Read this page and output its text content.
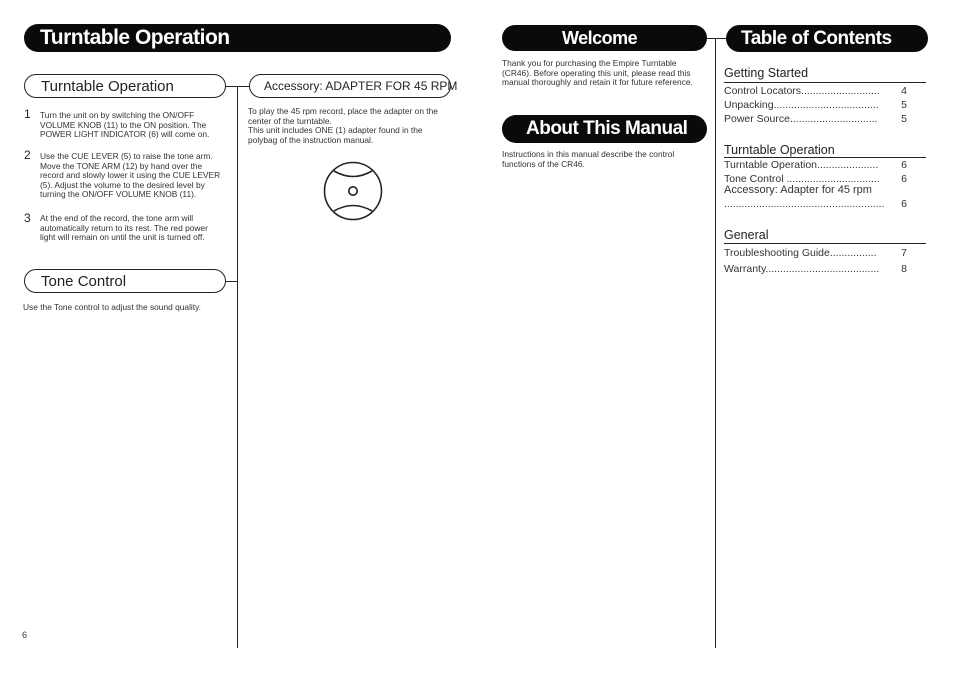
Turntable Operation
Turntable Operation
1 Turn the unit on by switching the ON/OFF
VOLUME KNOB (11) to the ON position. The
POWER LIGHT INDICATOR (6) will come on.
2 Use the CUE LEVER (5) to raise the tone arm.
Move the TONE ARM (12) by hand over the
record and slowly lower it using the CUE LEVER
(5). Adjust the volume to the desired level by
turning the ON/OFF VOLUME KNOB (11).
3 At the end of the record, the tone arm will
automatically return to its rest. The red power
light will remain on until the unit is turned off.
Tone Control
Use the Tone control to adjust the sound quality.
Accessory: ADAPTER FOR 45 RPM
To play the 45 rpm record, place the adapter on the
center of the turntable.
This unit includes ONE (1) adapter found in the
polybag of the instruction manual.
6
Welcome
Thank you for purchasing the Empire Turntable
(CR46). Before operating this unit, please read this
manual thoroughly and retain it for future reference.
About This Manual
Instructions in this manual describe the control
functions of the CR46.
Table of Contents
Getting Started
Control Locators...........................	4
Unpacking....................................	5
Power Source..............................	5
Turntable Operation
Turntable Operation.....................	6
Tone Control ................................	6
Accessory: Adapter for 45 rpm
.......................................................	6
General
Troubleshooting Guide................	7
Warranty.......................................	8
